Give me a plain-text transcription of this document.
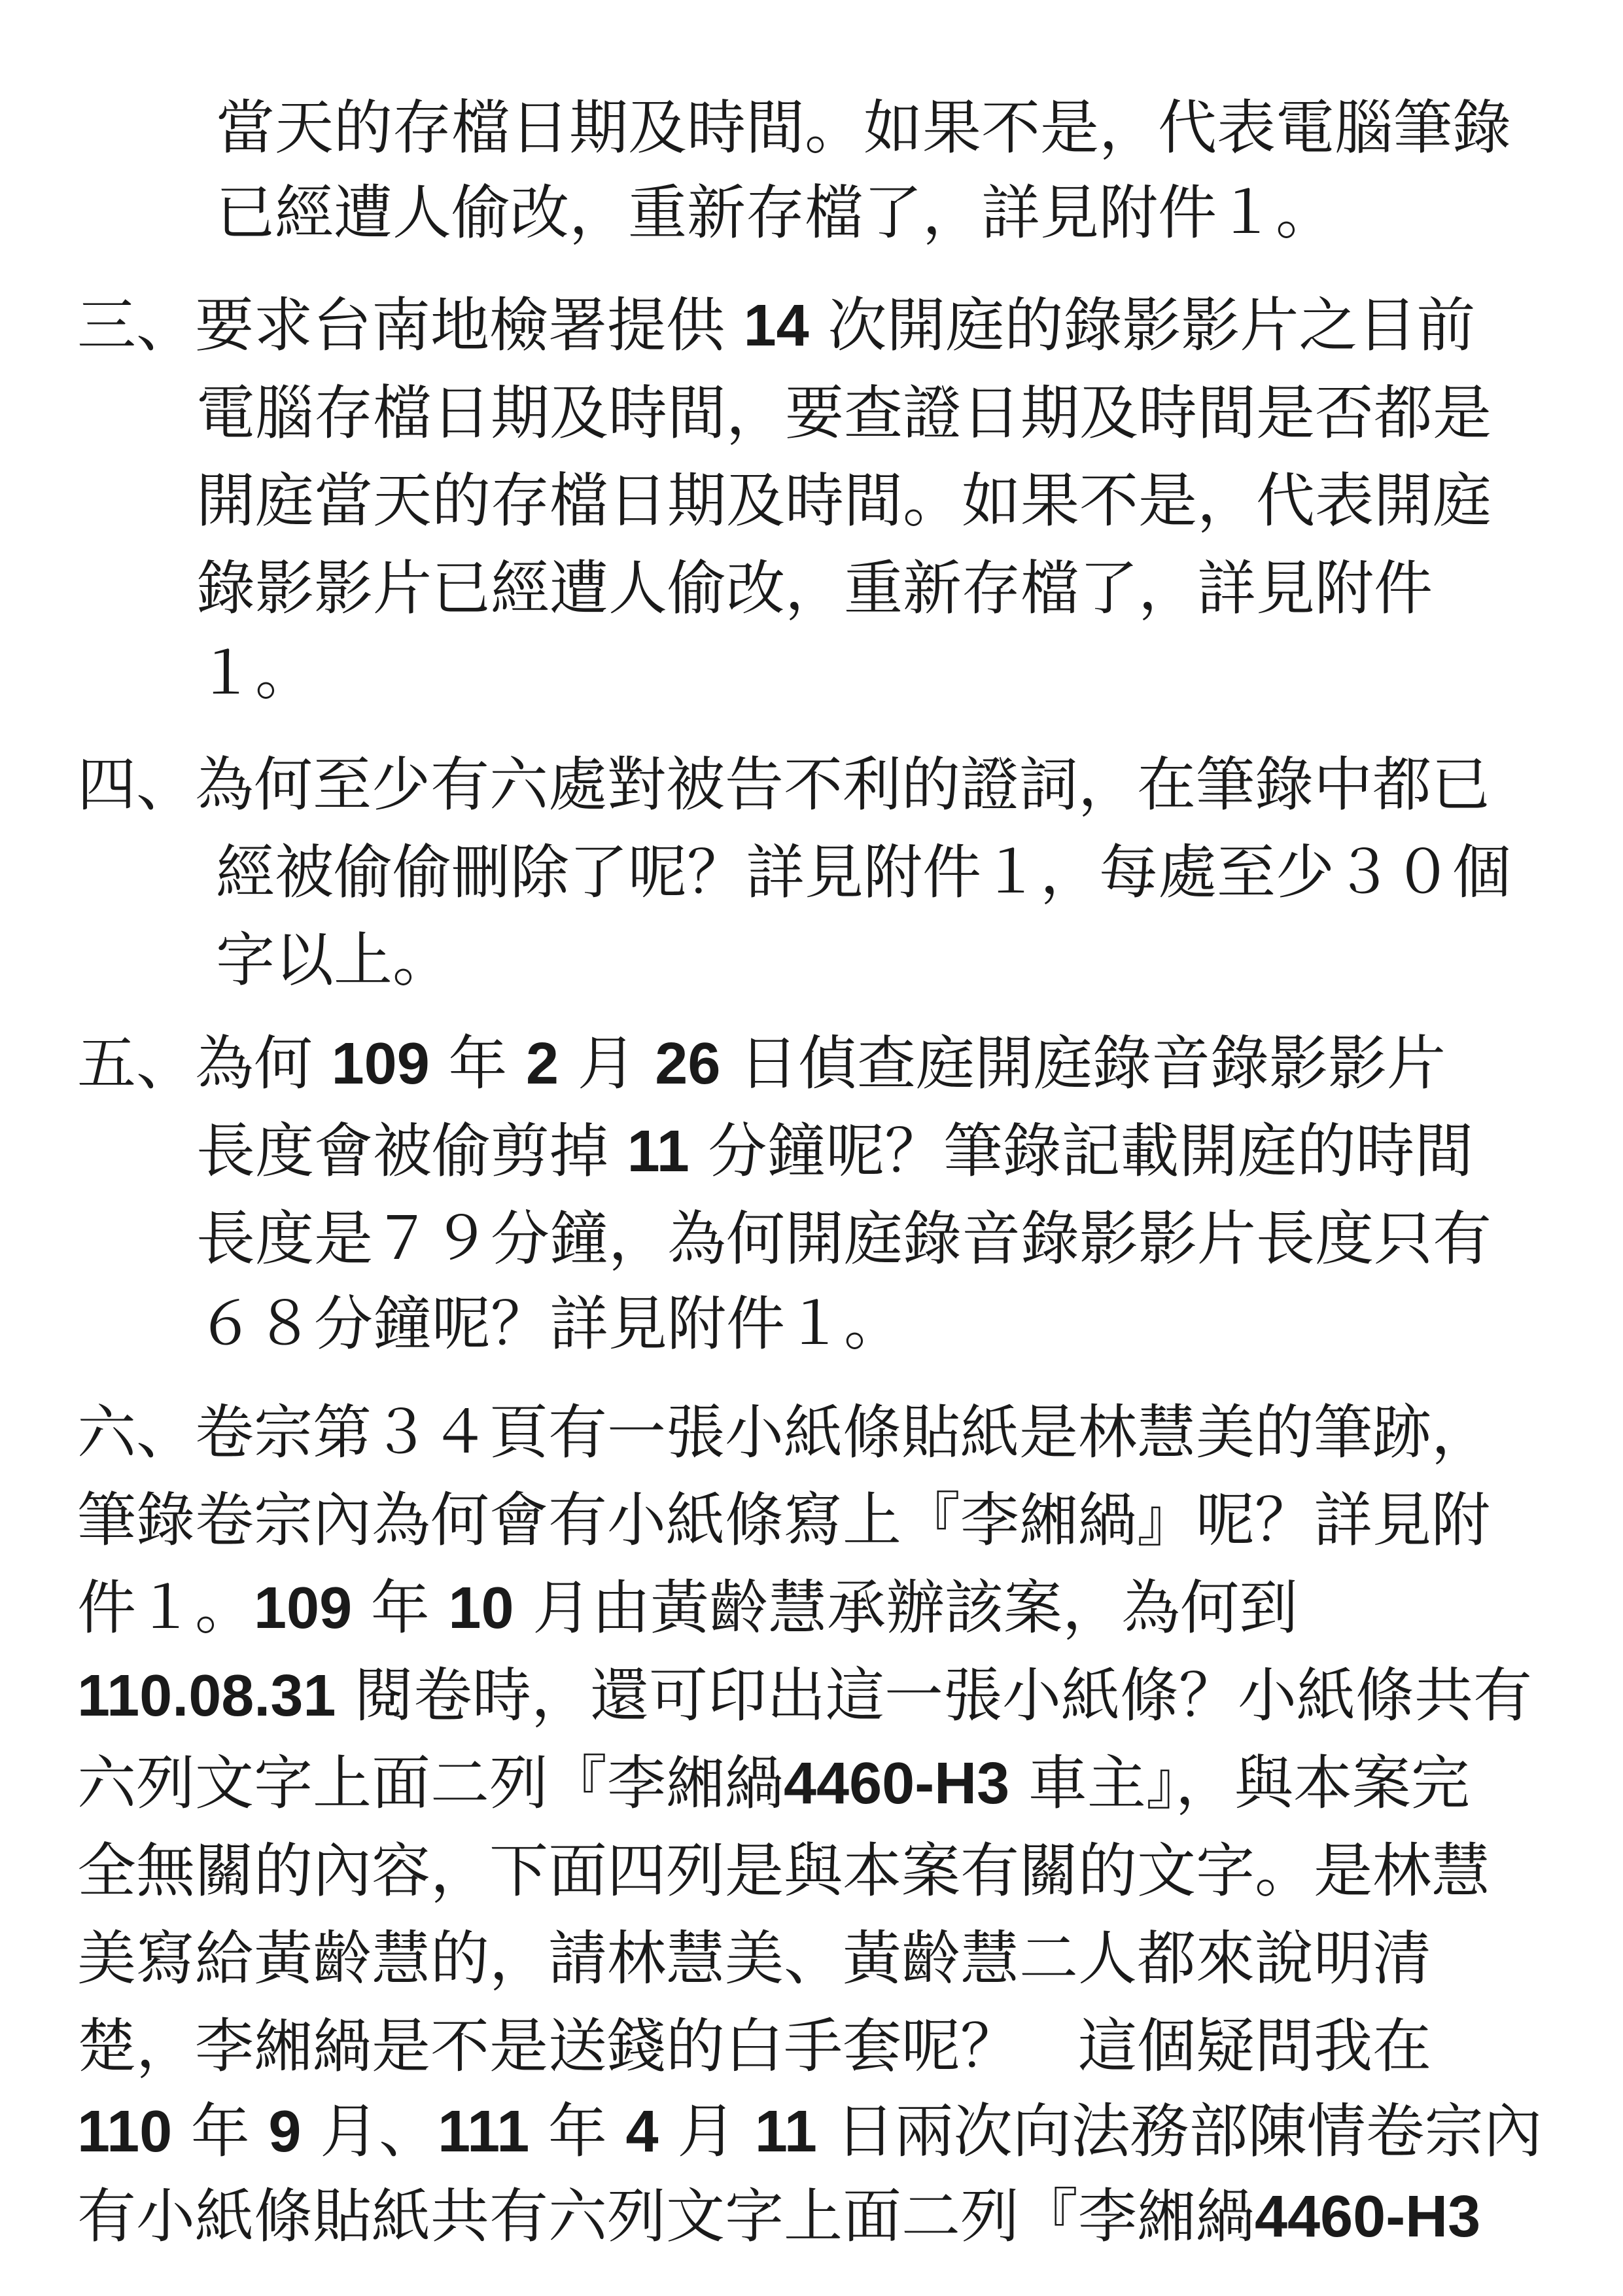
當天的存檔日期及時間。如果不是，代表電腦筆錄
已經遭人偷改，重新存檔了，詳見附件１。
三、要求台南地檢署提供 14 次開庭的錄影影片之目前
電腦存檔日期及時間，要查證日期及時間是否都是
開庭當天的存檔日期及時間。如果不是，代表開庭
錄影影片已經遭人偷改，重新存檔了，詳見附件
１。
四、為何至少有六處對被告不利的證詞，在筆錄中都已
經被偷偷刪除了呢？詳見附件１，每處至少３０個
字以上。
五、為何 109 年 2 月 26 日偵查庭開庭錄音錄影影片
長度會被偷剪掉 11 分鐘呢？筆錄記載開庭的時間
長度是７９分鐘，為何開庭錄音錄影影片長度只有
６８分鐘呢？詳見附件１。
六、卷宗第３４頁有一張小紙條貼紙是林慧美的筆跡，
筆錄卷宗內為何會有小紙條寫上『李緗緺』呢？詳見附
件１。109 年 10 月由黃齡慧承辦該案，為何到
110.08.31 閱卷時，還可印出這一張小紙條？小紙條共有
六列文字上面二列『李緗緺4460-H3 車主』，與本案完
全無關的內容，下面四列是與本案有關的文字。是林慧
美寫給黃齡慧的，請林慧美、黃齡慧二人都來說明清
楚，李緗緺是不是送錢的白手套呢？　這個疑問我在
110 年 9 月、111 年 4 月 11 日兩次向法務部陳情卷宗內
有小紙條貼紙共有六列文字上面二列『李緗緺4460-H3
